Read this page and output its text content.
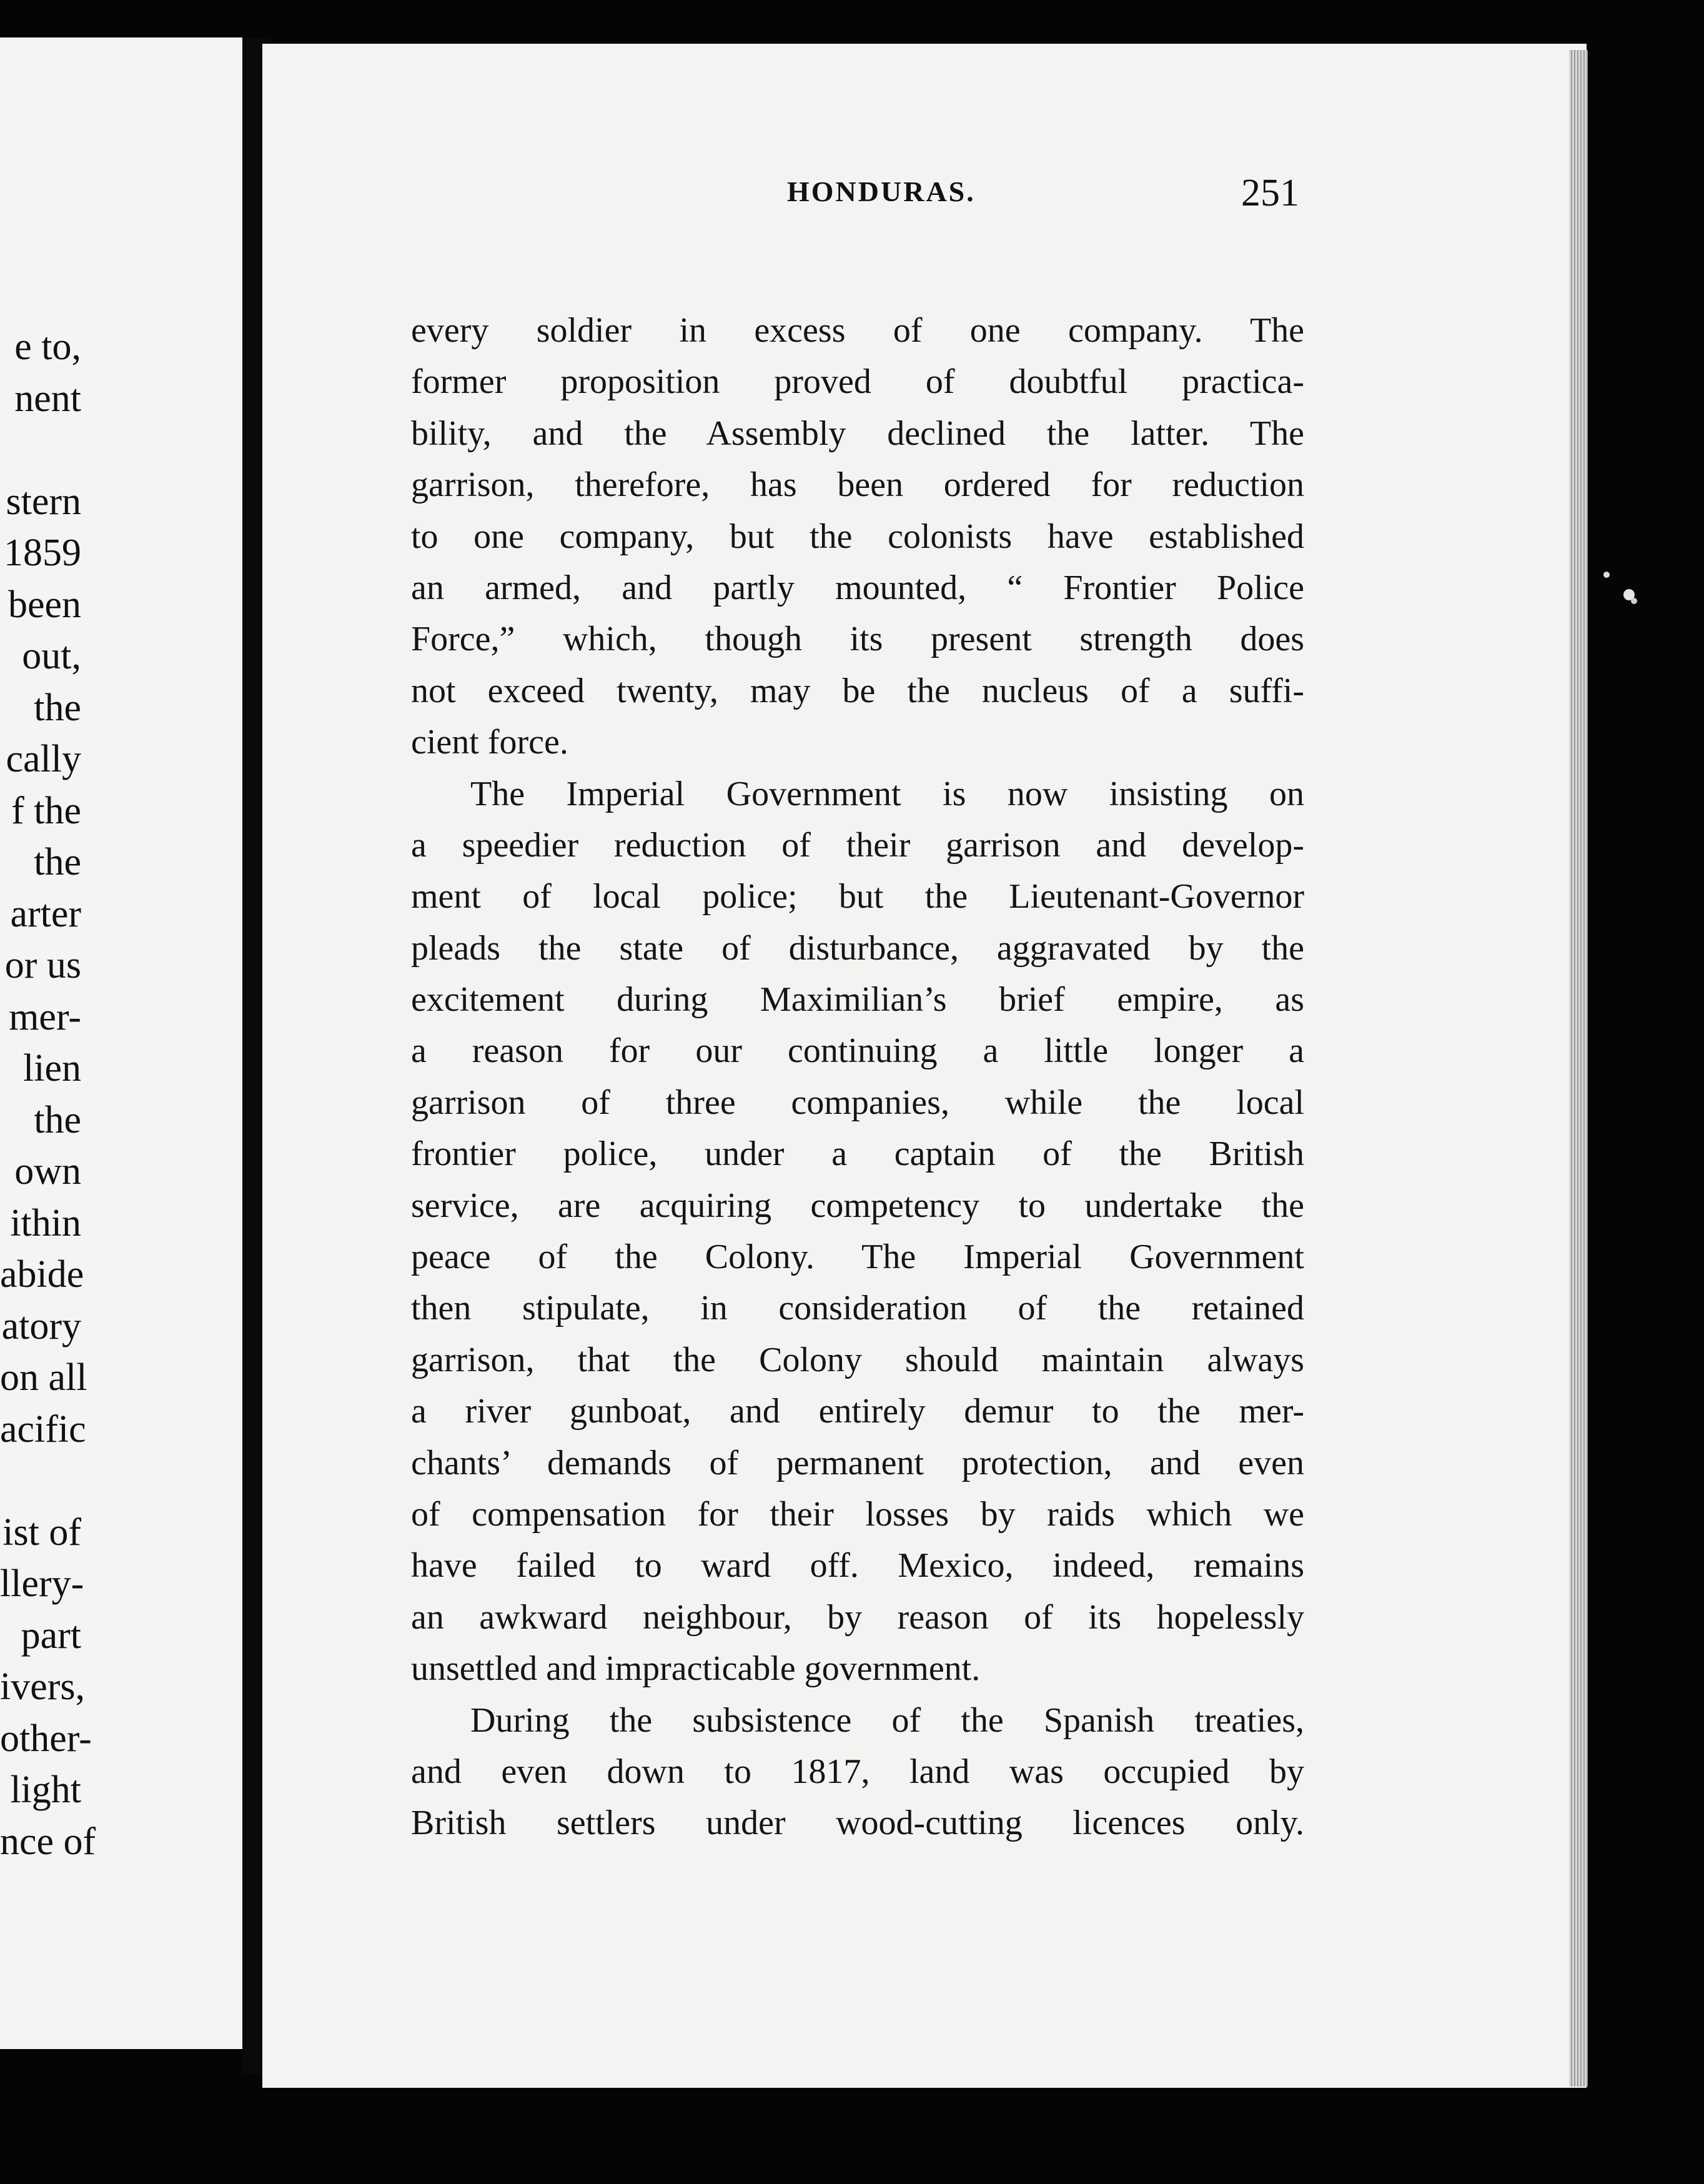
e to,
nent
stern
1859
been
out,
the
cally
f the
the
arter
or us
mer-
lien
the
own
ithin
abide
atory
on all
acific
ist of
llery-
part
ivers,
other-
light
nce of
HONDURAS.	251
every soldier in excess of one company. The
former proposition proved of doubtful practica-
bility, and the Assembly declined the latter. The
garrison, therefore, has been ordered for reduction
to one company, but the colonists have established
an armed, and partly mounted, “ Frontier Police
Force,” which, though its present strength does
not exceed twenty, may be the nucleus of a suffi-
cient force.
The Imperial Government is now insisting on
a speedier reduction of their garrison and develop-
ment of local police; but the Lieutenant-Governor
pleads the state of disturbance, aggravated by the
excitement during Maximilian’s brief empire, as
a reason for our continuing a little longer a
garrison of three companies, while the local
frontier police, under a captain of the British
service, are acquiring competency to undertake the
peace of the Colony. The Imperial Government
then stipulate, in consideration of the retained
garrison, that the Colony should maintain always
a river gunboat, and entirely demur to the mer-
chants’ demands of permanent protection, and even
of compensation for their losses by raids which we
have failed to ward off. Mexico, indeed, remains
an awkward neighbour, by reason of its hopelessly
unsettled and impracticable government.
During the subsistence of the Spanish treaties,
and even down to 1817, land was occupied by
British settlers under wood-cutting licences only.
